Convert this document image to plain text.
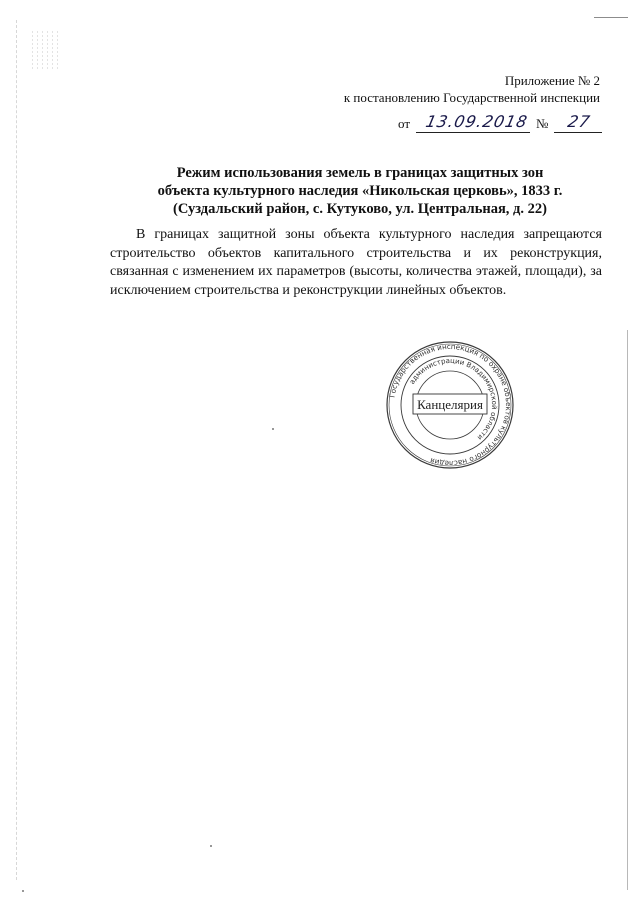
Приложение № 2
к постановлению Государственной инспекции
от 13.09.2018 № 27
Режим использования земель в границах защитных зон
объекта культурного наследия «Никольская церковь», 1833 г.
(Суздальский район, с. Кутуково, ул. Центральная, д. 22)
В границах защитной зоны объекта культурного наследия запрещаются строительство объектов капитального строительства и их реконструкция, связанная с изменением их параметров (высоты, количества этажей, площади), за исключением строительства и реконструкции линейных объектов.
Государственная инспекция по охране объектов культурного наследия
администрации Владимирской области
Канцелярия
